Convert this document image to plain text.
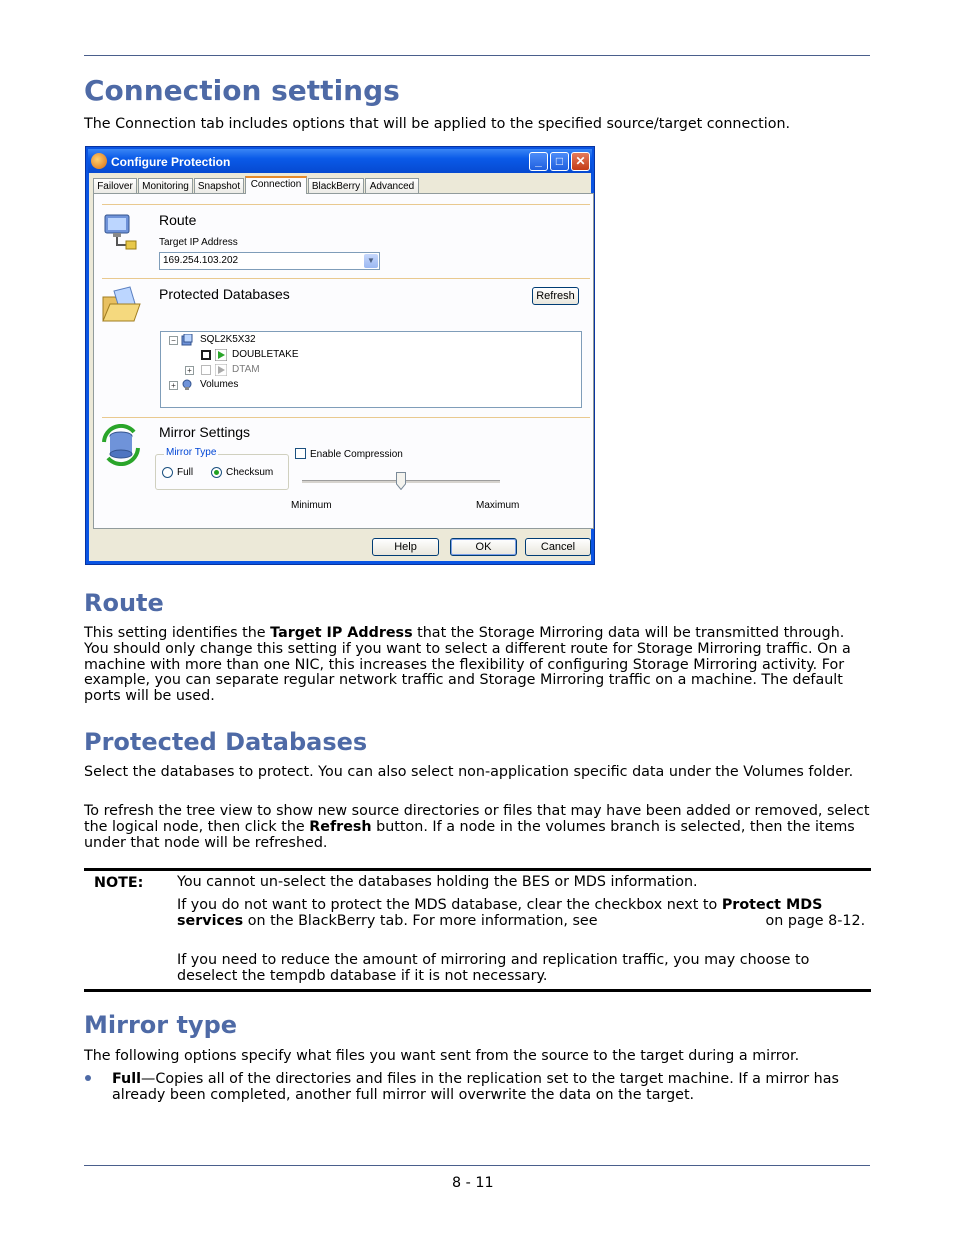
Connection settings

The Connection tab includes options that will be applied to the specified source/target connection.

Configure Protection	_	□	✕
Failover Monitoring Snapshot	Connection	BlackBerry Advanced
Route
Target IP Address
169.254.103.202	▼
Protected Databases	Refresh
− SQL2K5X32
DOUBLETAKE
+	DTAM
+ Volumes
Mirror Settings
Mirror Type
Full	Checksum
Enable Compression
Minimum	Maximum
Help	OK	Cancel
Route

This setting identifies the Target IP Address that the Storage Mirroring data will be transmitted through. You should only change this setting if you want to select a different route for Storage Mirroring traffic. On a machine with more than one NIC, this increases the flexibility of configuring Storage Mirroring activity. For example, you can separate regular network traffic and Storage Mirroring traffic on a machine. The default ports will be used.

Protected Databases

Select the databases to protect. You can also select non-application specific data under the Volumes folder.

To refresh the tree view to show new source directories or files that may have been added or removed, select the logical node, then click the Refresh button. If a node in the volumes branch is selected, then the items under that node will be refreshed.

NOTE: You cannot un-select the databases holding the BES or MDS information.

If you do not want to protect the MDS database, clear the checkbox next to Protect MDS services on the BlackBerry tab. For more information, see	on page 8-12.

If you need to reduce the amount of mirroring and replication traffic, you may choose to deselect the tempdb database if it is not necessary.

Mirror type

The following options specify what files you want sent from the source to the target during a mirror.

Full—Copies all of the directories and files in the replication set to the target machine. If a mirror has already been completed, another full mirror will overwrite the data on the target.

8 - 11
